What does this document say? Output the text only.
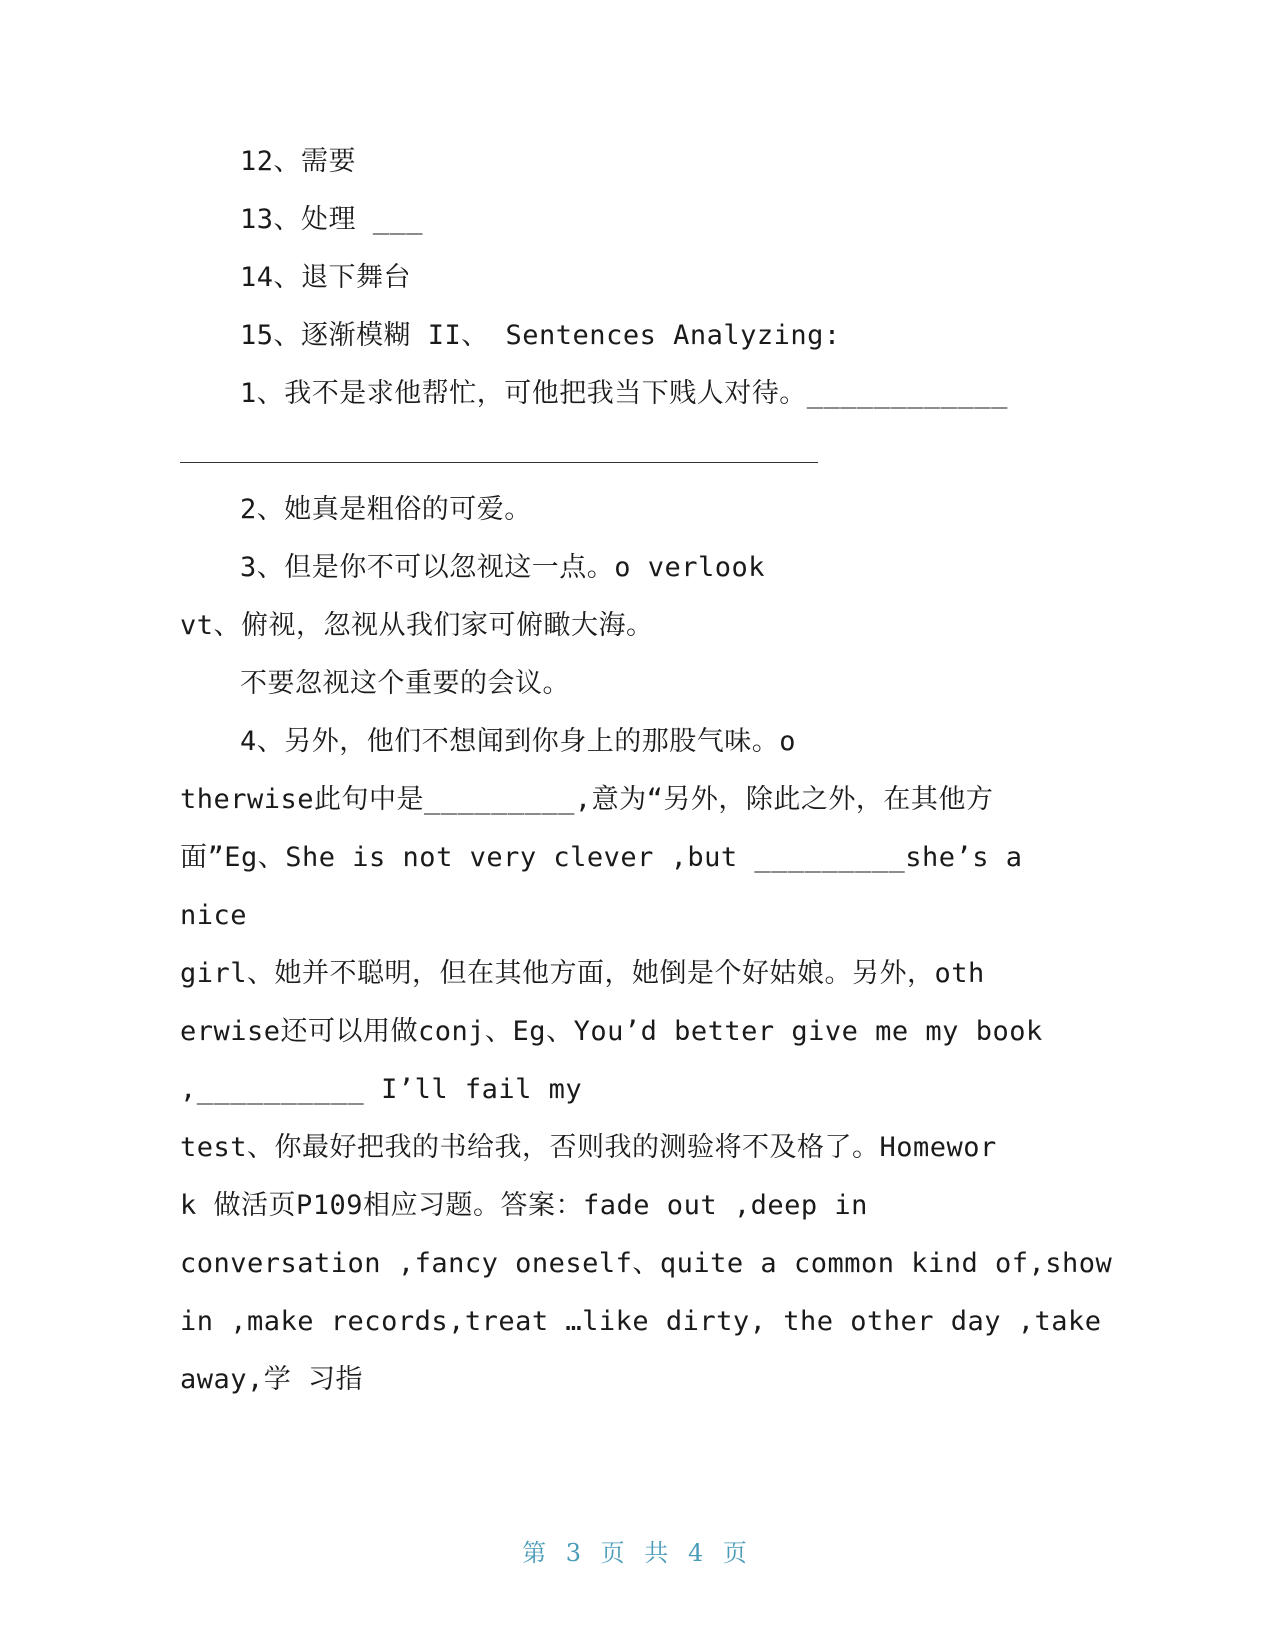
12、需要
13、处理 ___
14、退下舞台
15、逐渐模糊 II、 Sentences Analyzing:
1、我不是求他帮忙，可他把我当下贱人对待。____________
2、她真是粗俗的可爱。
3、但是你不可以忽视这一点。o verlook
vt、俯视，忽视从我们家可俯瞰大海。
不要忽视这个重要的会议。
4、另外，他们不想闻到你身上的那股气味。o
therwise此句中是_________,意为“另外，除此之外，在其他方
面”Eg、She is not very clever ,but _________she’s a
nice
girl、她并不聪明，但在其他方面，她倒是个好姑娘。另外，oth
erwise还可以用做conj、Eg、You’d better give me my book
,__________ I’ll fail my
test、你最好把我的书给我，否则我的测验将不及格了。Homewor
k 做活页P109相应习题。答案：fade out ,deep in
conversation ,fancy oneself、quite a common kind of,show
in ,make records,treat …like dirty, the other day ,take
away,学 习指
第 3 页 共 4 页
